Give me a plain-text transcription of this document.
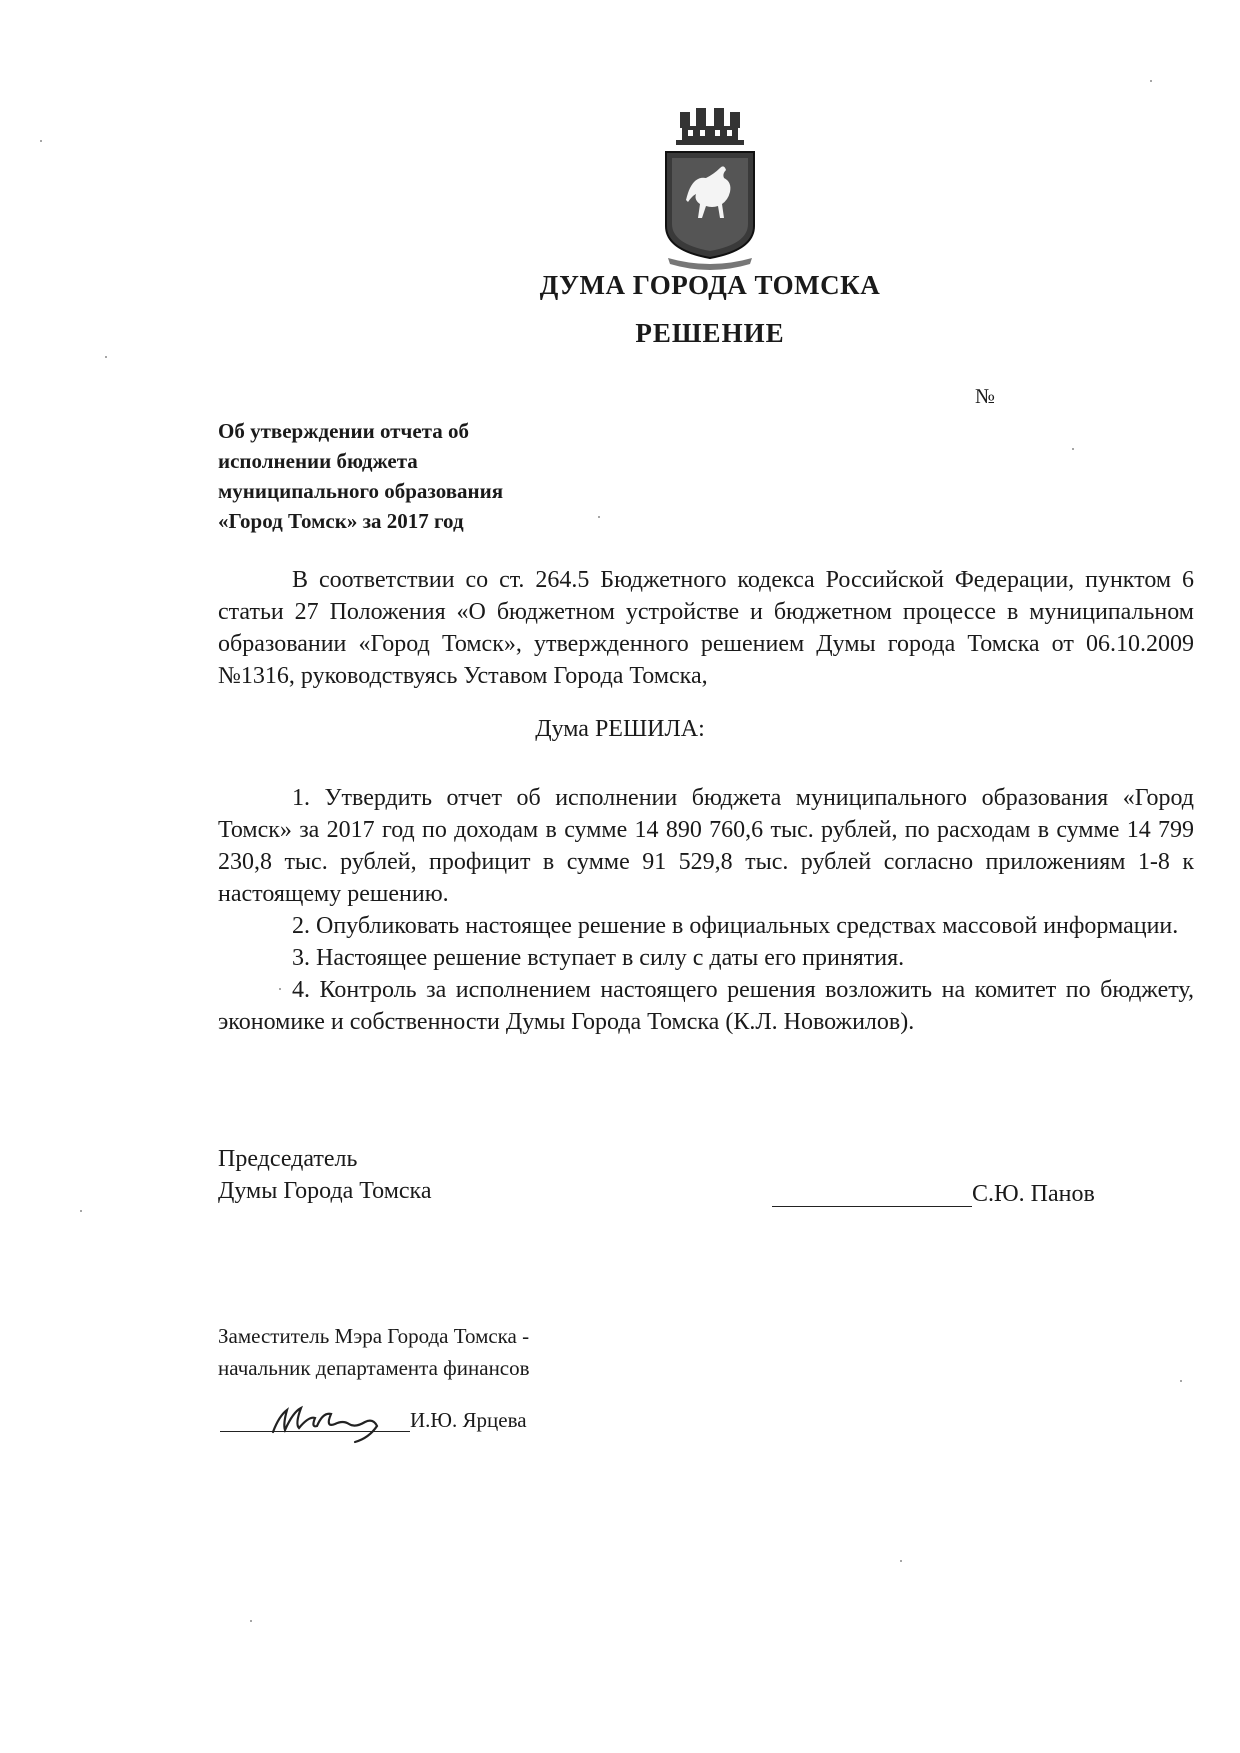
ДУМА ГОРОДА ТОМСКА
РЕШЕНИЕ
№
Об утверждении отчета об
исполнении бюджета
муниципального образования
«Город Томск» за 2017 год

В соответствии со ст. 264.5 Бюджетного кодекса Российской Федерации, пунктом 6 статьи 27 Положения «О бюджетном устройстве и бюджетном процессе в муниципальном образовании «Город Томск», утвержденного решением Думы города Томска от 06.10.2009 №1316, руководствуясь Уставом Города Томска,

Дума РЕШИЛА:

1. Утвердить отчет об исполнении бюджета муниципального образования «Город Томск» за 2017 год по доходам в сумме 14 890 760,6 тыс. рублей, по расходам в сумме 14 799 230,8 тыс. рублей, профицит в сумме 91 529,8 тыс. рублей согласно приложениям 1-8 к настоящему решению.

2. Опубликовать настоящее решение в официальных средствах массовой информации.

3. Настоящее решение вступает в силу с даты его принятия.

4. Контроль за исполнением настоящего решения возложить на комитет по бюджету, экономике и собственности Думы Города Томска (К.Л. Новожилов).

Председатель
Думы Города Томска	С.Ю. Панов
Заместитель Мэра Города Томска -
начальник департамента финансов
И.Ю. Ярцева
